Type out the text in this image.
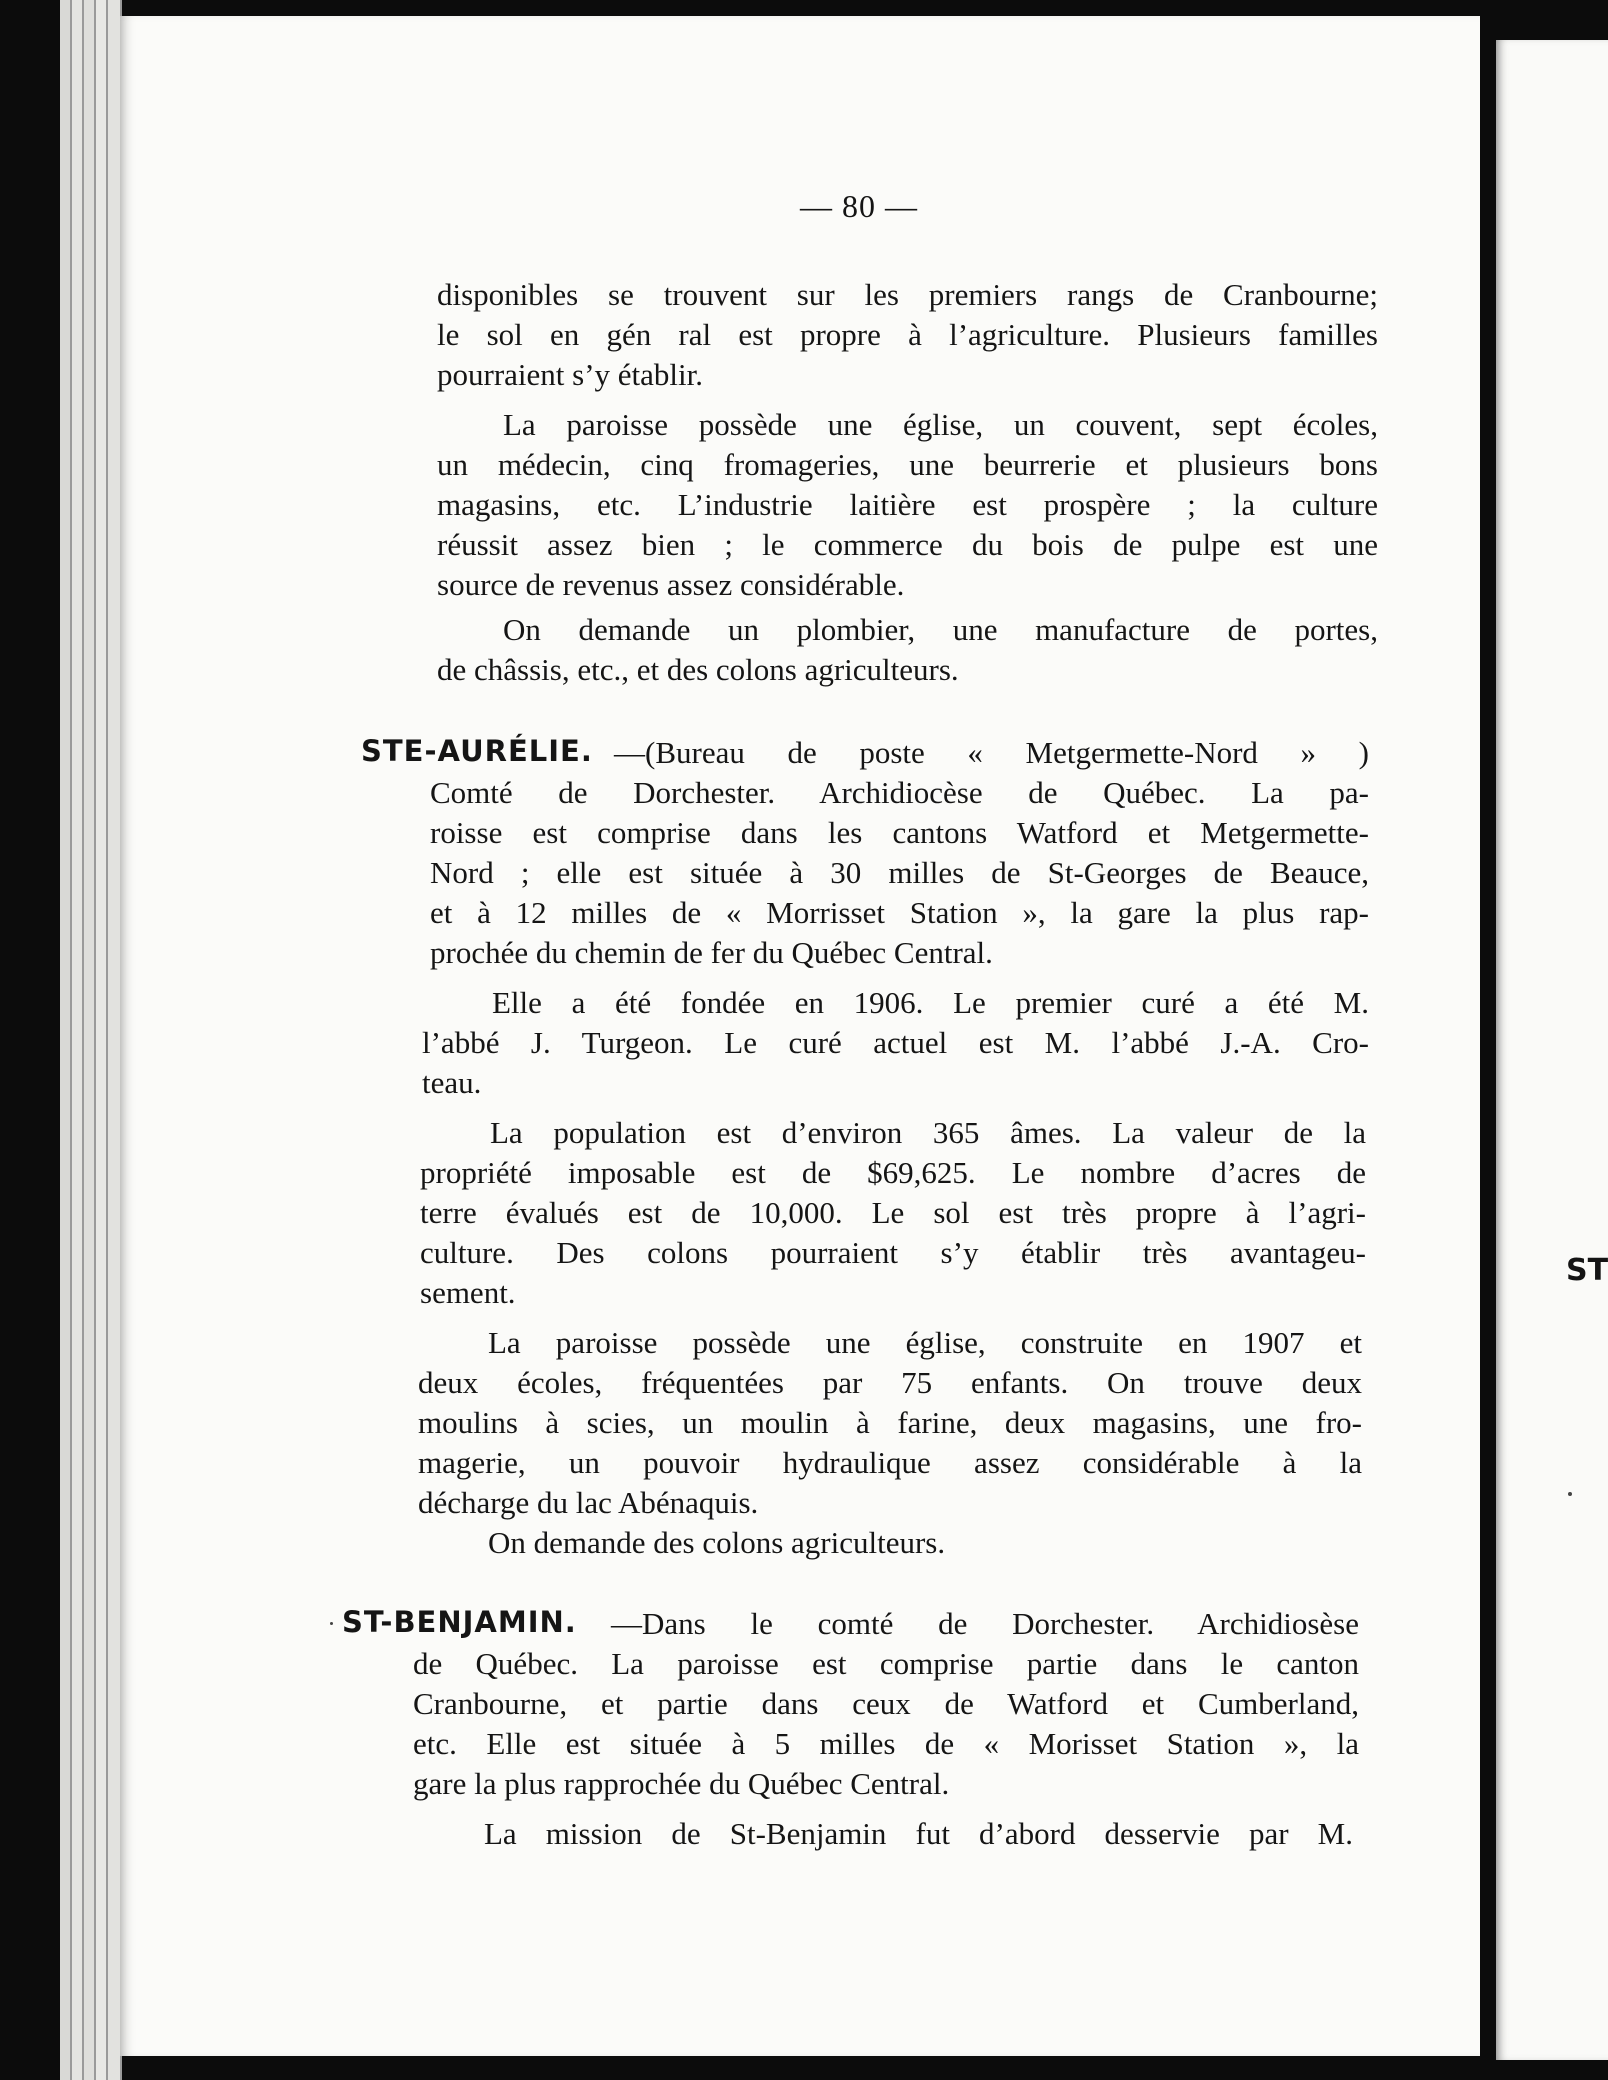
— 80 —
disponibles se trouvent sur les premiers rangs de Cranbourne;
le sol en gén ral est propre à l’agriculture. Plusieurs familles
pourraient s’y établir.
La paroisse possède une église, un couvent, sept écoles,
un médecin, cinq fromageries, une beurrerie et plusieurs bons
magasins, etc. L’industrie laitière est prospère ; la culture
réussit assez bien ; le commerce du bois de pulpe est une
source de revenus assez considérable.
On demande un plombier, une manufacture de portes,
de châssis, etc., et des colons agriculteurs.
STE-AURÉLIE. —(Bureau de poste « Metgermette-Nord » )
Comté de Dorchester. Archidiocèse de Québec. La pa-
roisse est comprise dans les cantons Watford et Metgermette-
Nord ; elle est située à 30 milles de St-Georges de Beauce,
et à 12 milles de « Morrisset Station », la gare la plus rap-
prochée du chemin de fer du Québec Central.
Elle a été fondée en 1906. Le premier curé a été M.
l’abbé J. Turgeon. Le curé actuel est M. l’abbé J.-A. Cro-
teau.
La population est d’environ 365 âmes. La valeur de la
propriété imposable est de $69,625. Le nombre d’acres de
terre évalués est de 10,000. Le sol est très propre à l’agri-
culture. Des colons pourraient s’y établir très avantageu-
sement.
La paroisse possède une église, construite en 1907 et
deux écoles, fréquentées par 75 enfants. On trouve deux
moulins à scies, un moulin à farine, deux magasins, une fro-
magerie, un pouvoir hydraulique assez considérable à la
décharge du lac Abénaquis.
On demande des colons agriculteurs.
ST-BENJAMIN. —Dans le comté de Dorchester. Archidiosèse
de Québec. La paroisse est comprise partie dans le canton
Cranbourne, et partie dans ceux de Watford et Cumberland,
etc. Elle est située à 5 milles de « Morisset Station », la
gare la plus rapprochée du Québec Central.
La mission de St-Benjamin fut d’abord desservie par M.
ST
